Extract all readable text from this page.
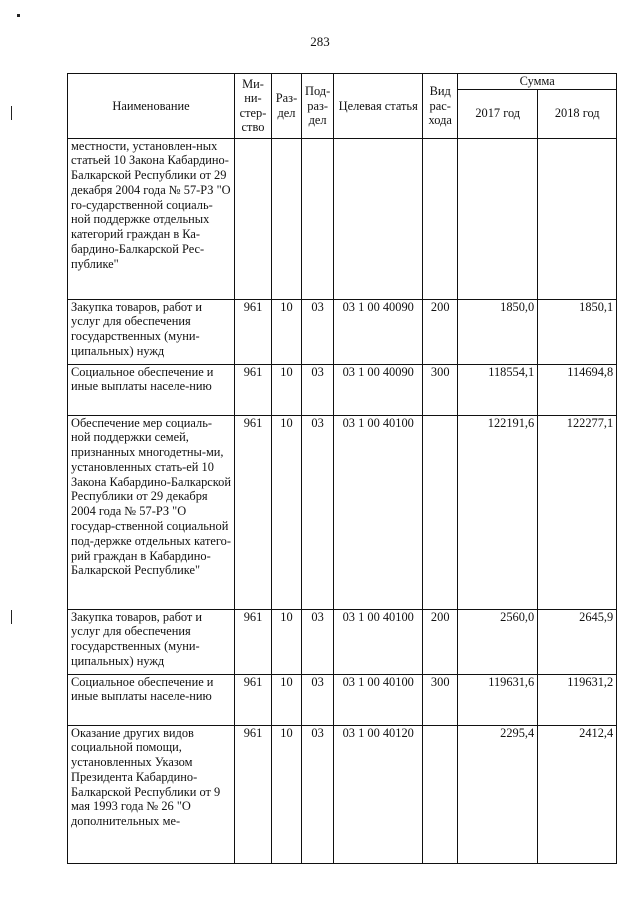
283
Наименование	Ми-ни-стер-ство	Раз-дел	Под-раз-дел	Целевая статья	Вид рас-хода	Сумма	
						2017 год	2018 год
местности, установлен-ных статьей 10 Закона Кабардино-Балкарской Республики от 29 декабря 2004 года № 57-РЗ "О го-сударственной социаль-ной поддержке отдельных категорий граждан в Ка-бардино-Балкарской Рес-публике"							
Закупка товаров, работ и услуг для обеспечения государственных (муни-ципальных) нужд	961	10	03	03 1 00 40090	200	1850,0	1850,1
Социальное обеспечение и иные выплаты населе-нию	961	10	03	03 1 00 40090	300	118554,1	114694,8
Обеспечение мер социаль-ной поддержки семей, признанных многодетны-ми, установленных стать-ей 10 Закона Кабардино-Балкарской Республики от 29 декабря 2004 года № 57-РЗ "О государ-ственной социальной под-держке отдельных катего-рий граждан в Кабардино-Балкарской Республике"	961	10	03	03 1 00 40100		122191,6	122277,1
Закупка товаров, работ и услуг для обеспечения государственных (муни-ципальных) нужд	961	10	03	03 1 00 40100	200	2560,0	2645,9
Социальное обеспечение и иные выплаты населе-нию	961	10	03	03 1 00 40100	300	119631,6	119631,2
Оказание других видов социальной помощи, установленных Указом Президента Кабардино-Балкарской Республики от 9 мая 1993 года № 26 "О дополнительных ме-	961	10	03	03 1 00 40120		2295,4	2412,4
